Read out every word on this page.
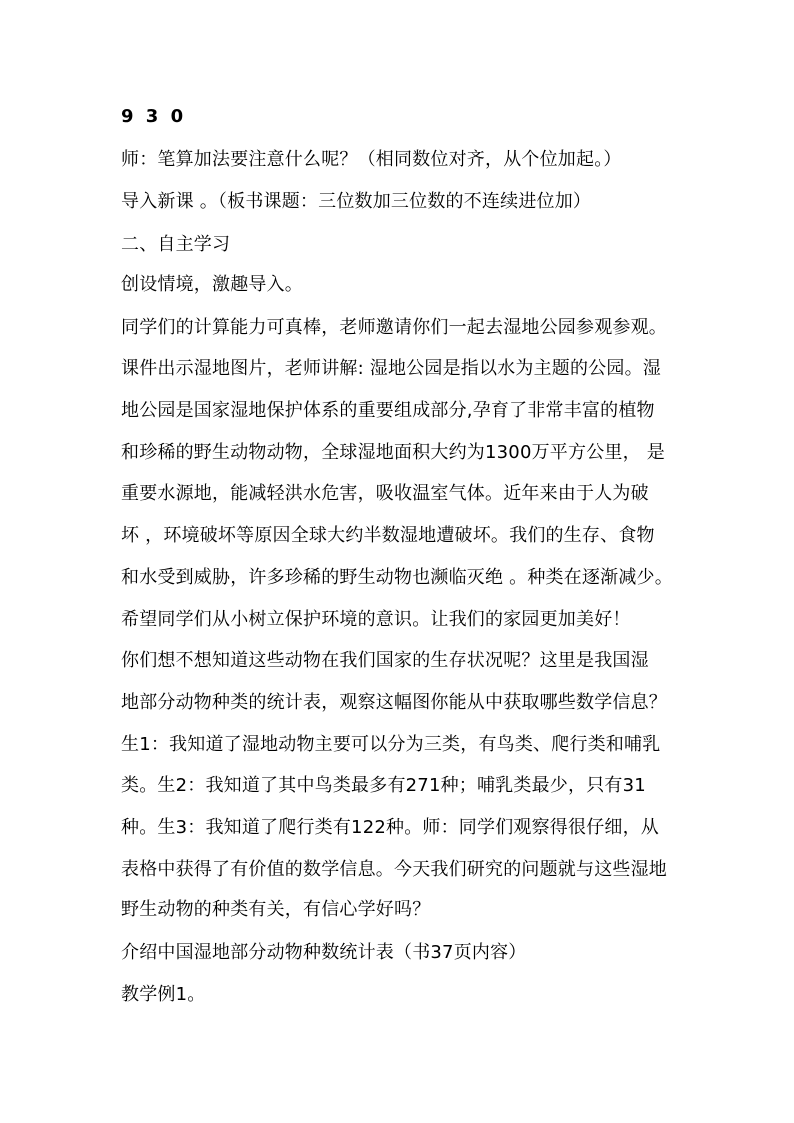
9 3 0
师：笔算加法要注意什么呢？（相同数位对齐，从个位加起。）
导入新课 。（板书课题：三位数加三位数的不连续进位加）
二、自主学习
创设情境，激趣导入。
同学们的计算能力可真棒，老师邀请你们一起去湿地公园参观参观。
课件出示湿地图片，老师讲解: 湿地公园是指以水为主题的公园。湿
地公园是国家湿地保护体系的重要组成部分,孕育了非常丰富的植物
和珍稀的野生动物动物，全球湿地面积大约为1300万平方公里， 是
重要水源地，能减轻洪水危害，吸收温室气体。近年来由于人为破
坏 ，环境破坏等原因全球大约半数湿地遭破坏。我们的生存、食物
和水受到威胁，许多珍稀的野生动物也濒临灭绝 。种类在逐渐减少。
希望同学们从小树立保护环境的意识。让我们的家园更加美好！
你们想不想知道这些动物在我们国家的生存状况呢？这里是我国湿
地部分动物种类的统计表，观察这幅图你能从中获取哪些数学信息？
生1：我知道了湿地动物主要可以分为三类，有鸟类、爬行类和哺乳
类。生2：我知道了其中鸟类最多有271种；哺乳类最少，只有31
种。生3：我知道了爬行类有122种。师：同学们观察得很仔细，从
表格中获得了有价值的数学信息。今天我们研究的问题就与这些湿地
野生动物的种类有关，有信心学好吗？
介绍中国湿地部分动物种数统计表（书37页内容）
教学例1。
